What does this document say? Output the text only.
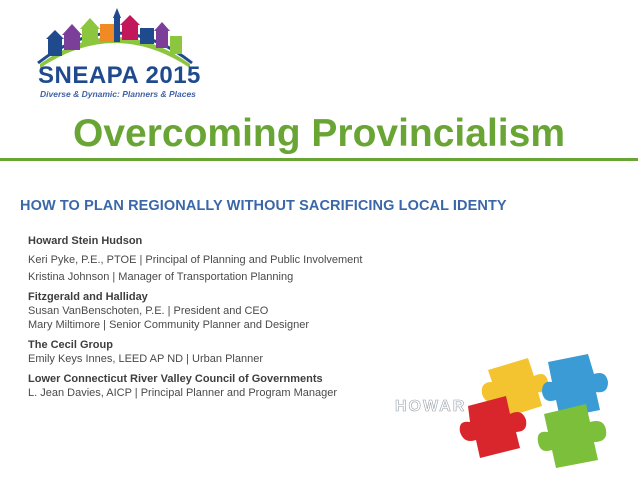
SNEAPA 2015
Diverse & Dynamic: Planners & Places
Overcoming Provincialism
HOW TO PLAN REGIONALLY WITHOUT SACRIFICING LOCAL IDENTY
Howard Stein Hudson
Keri Pyke, P.E., PTOE | Principal of Planning and Public Involvement
Kristina Johnson | Manager of Transportation Planning
Fitzgerald and Halliday
Susan VanBenschoten, P.E. | President and CEO
Mary Miltimore | Senior Community Planner and Designer
The Cecil Group
Emily Keys Innes, LEED AP ND | Urban Planner
Lower Connecticut River Valley Council of Governments
L. Jean Davies, AICP | Principal Planner and Program Manager
HOWAR
